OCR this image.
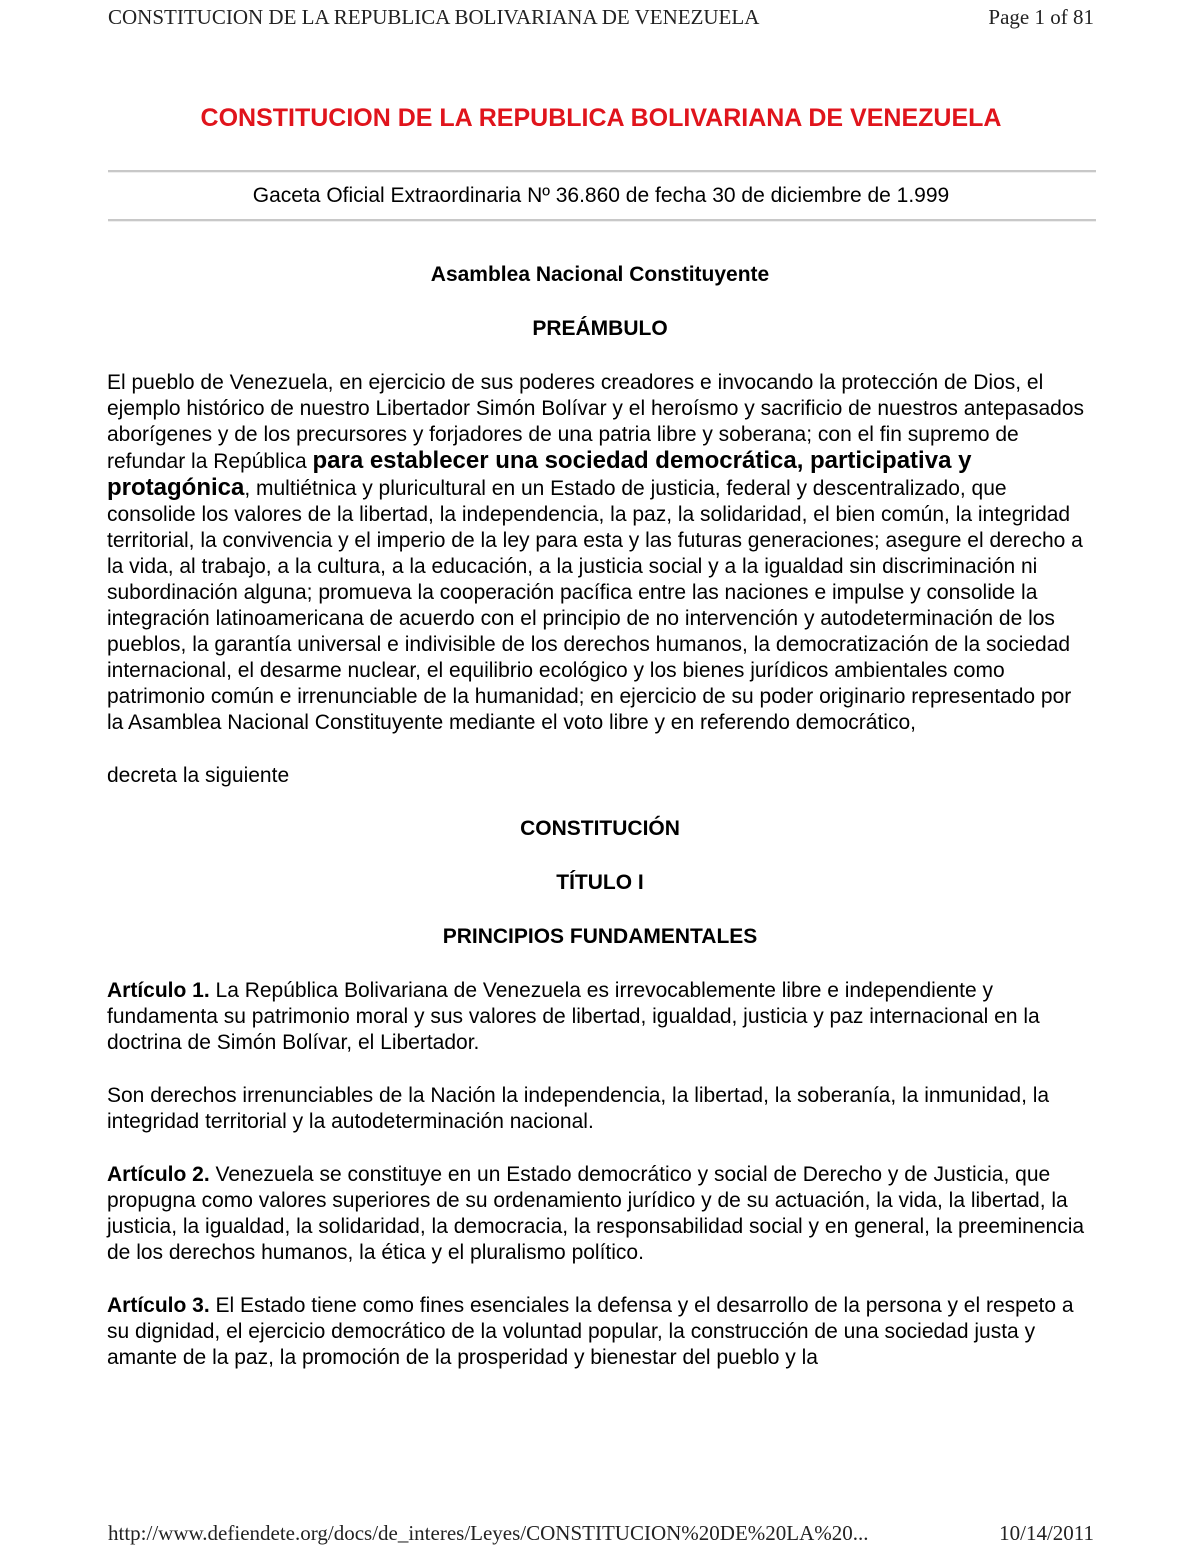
CONSTITUCION DE LA REPUBLICA BOLIVARIANA DE VENEZUELA	Page 1 of 81
CONSTITUCION DE LA REPUBLICA BOLIVARIANA DE VENEZUELA
Gaceta Oficial Extraordinaria Nº 36.860 de fecha 30 de diciembre de 1.999
Asamblea Nacional Constituyente
PREÁMBULO

El pueblo de Venezuela, en ejercicio de sus poderes creadores e invocando la protección de Dios, el ejemplo histórico de nuestro Libertador Simón Bolívar y el heroísmo y sacrificio de nuestros antepasados aborígenes y de los precursores y forjadores de una patria libre y soberana; con el fin supremo de refundar la República para establecer una sociedad democrática, participativa y protagónica, multiétnica y pluricultural en un Estado de justicia, federal y descentralizado, que consolide los valores de la libertad, la independencia, la paz, la solidaridad, el bien común, la integridad territorial, la convivencia y el imperio de la ley para esta y las futuras generaciones; asegure el derecho a la vida, al trabajo, a la cultura, a la educación, a la justicia social y a la igualdad sin discriminación ni subordinación alguna; promueva la cooperación pacífica entre las naciones e impulse y consolide la integración latinoamericana de acuerdo con el principio de no intervención y autodeterminación de los pueblos, la garantía universal e indivisible de los derechos humanos, la democratización de la sociedad internacional, el desarme nuclear, el equilibrio ecológico y los bienes jurídicos ambientales como patrimonio común e irrenunciable de la humanidad; en ejercicio de su poder originario representado por la Asamblea Nacional Constituyente mediante el voto libre y en referendo democrático,

decreta la siguiente

CONSTITUCIÓN
TÍTULO I
PRINCIPIOS FUNDAMENTALES

Artículo 1. La República Bolivariana de Venezuela es irrevocablemente libre e independiente y fundamenta su patrimonio moral y sus valores de libertad, igualdad, justicia y paz internacional en la doctrina de Simón Bolívar, el Libertador.

Son derechos irrenunciables de la Nación la independencia, la libertad, la soberanía, la inmunidad, la integridad territorial y la autodeterminación nacional.

Artículo 2. Venezuela se constituye en un Estado democrático y social de Derecho y de Justicia, que propugna como valores superiores de su ordenamiento jurídico y de su actuación, la vida, la libertad, la justicia, la igualdad, la solidaridad, la democracia, la responsabilidad social y en general, la preeminencia de los derechos humanos, la ética y el pluralismo político.

Artículo 3. El Estado tiene como fines esenciales la defensa y el desarrollo de la persona y el respeto a su dignidad, el ejercicio democrático de la voluntad popular, la construcción de una sociedad justa y amante de la paz, la promoción de la prosperidad y bienestar del pueblo y la

http://www.defiendete.org/docs/de_interes/Leyes/CONSTITUCION%20DE%20LA%20...	10/14/2011
